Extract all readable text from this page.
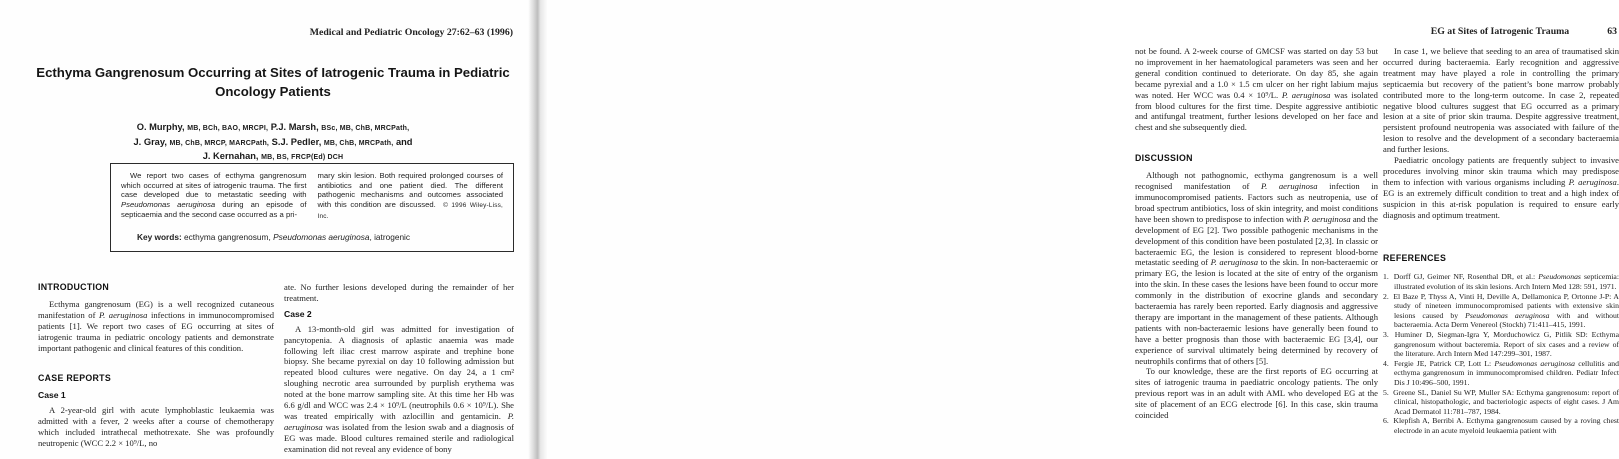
Medical and Pediatric Oncology 27:62–63 (1996)
Ecthyma Gangrenosum Occurring at Sites of Iatrogenic Trauma in Pediatric Oncology Patients
O. Murphy, MB, BCh, BAO, MRCPI, P.J. Marsh, BSc, MB, ChB, MRCPath,
J. Gray, MB, ChB, MRCP, MARCPath, S.J. Pedler, MB, ChB, MRCPath, and
J. Kernahan, MB, BS, FRCP(Ed) DCH

We report two cases of ecthyma gangrenosum which occurred at sites of iatrogenic trauma. The first case developed due to metastatic seeding with Pseudomonas aeruginosa during an episode of septicaemia and the second case occurred as a pri-

mary skin lesion. Both required prolonged courses of antibiotics and one patient died. The different pathogenic mechanisms and outcomes associated with this condition are discussed.  © 1996 Wiley-Liss, Inc.

Key words: ecthyma gangrenosum, Pseudomonas aeruginosa, iatrogenic

INTRODUCTION
Ecthyma gangrenosum (EG) is a well recognized cutaneous manifestation of P. aeruginosa infections in immunocompromised patients [1]. We report two cases of EG occurring at sites of iatrogenic trauma in pediatric oncology patients and demonstrate important pathogenic and clinical features of this condition.
CASE REPORTS
Case 1
A 2-year-old girl with acute lymphoblastic leukaemia was admitted with a fever, 2 weeks after a course of chemotherapy which included intrathecal methotrexate. She was profoundly neutropenic (WCC 2.2 × 10⁹/L, no
ate. No further lesions developed during the remainder of her treatment.
Case 2
A 13-month-old girl was admitted for investigation of pancytopenia. A diagnosis of aplastic anaemia was made following left iliac crest marrow aspirate and trephine bone biopsy. She became pyrexial on day 10 following admission but repeated blood cultures were negative. On day 24, a 1 cm² sloughing necrotic area surrounded by purplish erythema was noted at the bone marrow sampling site. At this time her Hb was 6.6 g/dl and WCC was 2.4 × 10⁹/L (neutrophils 0.6 × 10⁹/L). She was treated empirically with azlocillin and gentamicin. P. aeruginosa was isolated from the lesion swab and a diagnosis of EG was made. Blood cultures remained sterile and radiological examination did not reveal any evidence of bony
EG at Sites of Iatrogenic Trauma	63
not be found. A 2-week course of GMCSF was started on day 53 but no improvement in her haematological parameters was seen and her general condition continued to deteriorate. On day 85, she again became pyrexial and a 1.0 × 1.5 cm ulcer on her right labium majus was noted. Her WCC was 0.4 × 10⁹/L. P. aeruginosa was isolated from blood cultures for the first time. Despite aggressive antibiotic and antifungal treatment, further lesions developed on her face and chest and she subsequently died.
DISCUSSION
Although not pathognomic, ecthyma gangrenosum is a well recognised manifestation of P. aeruginosa infection in immunocompromised patients. Factors such as neutropenia, use of broad spectrum antibiotics, loss of skin integrity, and moist conditions have been shown to predispose to infection with P. aeruginosa and the development of EG [2]. Two possible pathogenic mechanisms in the development of this condition have been postulated [2,3]. In classic or bacteraemic EG, the lesion is considered to represent blood-borne metastatic seeding of P. aeruginosa to the skin. In non-bacteraemic or primary EG, the lesion is located at the site of entry of the organism into the skin. In these cases the lesions have been found to occur more commonly in the distribution of exocrine glands and secondary bacteraemia has rarely been reported. Early diagnosis and aggressive therapy are important in the management of these patients. Although patients with non-bacteraemic lesions have generally been found to have a better prognosis than those with bacteraemic EG [3,4], our experience of survival ultimately being determined by recovery of neutrophils confirms that of others [5].
To our knowledge, these are the first reports of EG occurring at sites of iatrogenic trauma in paediatric oncology patients. The only previous report was in an adult with AML who developed EG at the site of placement of an ECG electrode [6]. In this case, skin trauma coincided
In case 1, we believe that seeding to an area of traumatised skin occurred during bacteraemia. Early recognition and aggressive treatment may have played a role in controlling the primary septicaemia but recovery of the patient’s bone marrow probably contributed more to the long-term outcome. In case 2, repeated negative blood cultures suggest that EG occurred as a primary lesion at a site of prior skin trauma. Despite aggressive treatment, persistent profound neutropenia was associated with failure of the lesion to resolve and the development of a secondary bacteraemia and further lesions.
Paediatric oncology patients are frequently subject to invasive procedures involving minor skin trauma which may predispose them to infection with various organisms including P. aeruginosa. EG is an extremely difficult condition to treat and a high index of suspicion in this at-risk population is required to ensure early diagnosis and optimum treatment.
REFERENCES
1. Dorff GJ, Geimer NF, Rosenthal DR, et al.: Pseudomonas septicemia: illustrated evolution of its skin lesions. Arch Intern Med 128: 591, 1971.
2. El Baze P, Thyss A, Vinti H, Deville A, Dellamonica P, Ortonne J-P: A study of nineteen immunocompromised patients with extensive skin lesions caused by Pseudomonas aeruginosa with and without bacteraemia. Acta Derm Venereol (Stockh) 71:411–415, 1991.
3. Huminer D, Siegman-Igra Y, Morduchowicz G, Pitlik SD: Ecthyma gangrenosum without bacteremia. Report of six cases and a review of the literature. Arch Intern Med 147:299–301, 1987.
4. Fergie JE, Patrick CP, Lott L: Pseudomonas aeruginosa cellulitis and ecthyma gangrenosum in immunocompromised children. Pediatr Infect Dis J 10:496–500, 1991.
5. Greene SL, Daniel Su WP, Muller SA: Ecthyma gangrenosum: report of clinical, histopathologic, and bacteriologic aspects of eight cases. J Am Acad Dermatol 11:781–787, 1984.
6. Klepfish A, Berribi A. Ecthyma gangrenosum caused by a roving chest electrode in an acute myeloid leukaemia patient with
